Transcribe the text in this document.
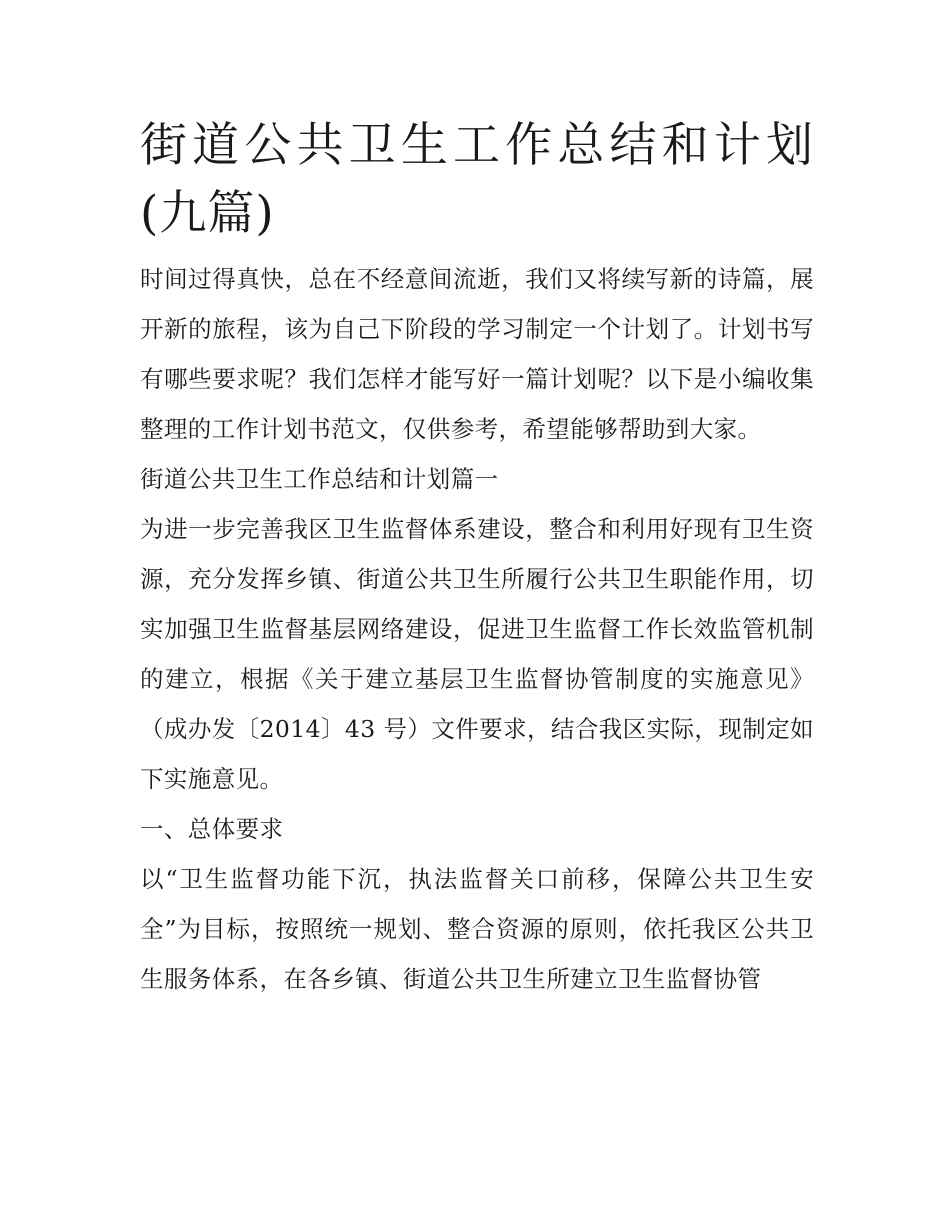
街道公共卫生工作总结和计划(九篇)

时间过得真快，总在不经意间流逝，我们又将续写新的诗篇，展开新的旅程，该为自己下阶段的学习制定一个计划了。计划书写有哪些要求呢？我们怎样才能写好一篇计划呢？以下是小编收集整理的工作计划书范文，仅供参考，希望能够帮助到大家。

街道公共卫生工作总结和计划篇一

为进一步完善我区卫生监督体系建设，整合和利用好现有卫生资源，充分发挥乡镇、街道公共卫生所履行公共卫生职能作用，切实加强卫生监督基层网络建设，促进卫生监督工作长效监管机制的建立，根据《关于建立基层卫生监督协管制度的实施意见》（成办发〔2014〕43 号）文件要求，结合我区实际，现制定如下实施意见。

一、总体要求

以“卫生监督功能下沉，执法监督关口前移，保障公共卫生安全”为目标，按照统一规划、整合资源的原则，依托我区公共卫生服务体系，在各乡镇、街道公共卫生所建立卫生监督协管
